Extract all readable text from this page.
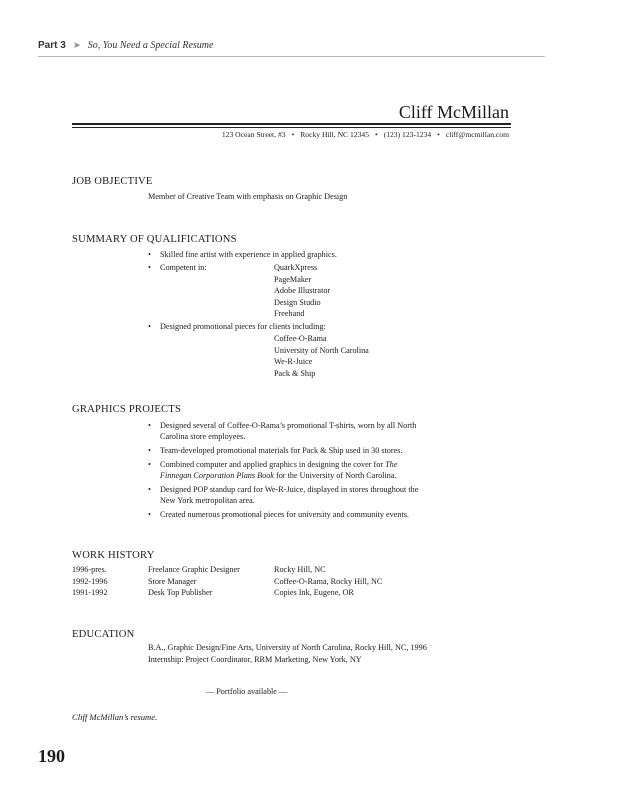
Part 3 ➤ So, You Need a Special Resume
Cliff McMillan
123 Ocean Street, #3 • Rocky Hill, NC 12345 • (123) 123-1234 • cliff@mcmillan.com
JOB OBJECTIVE
Member of Creative Team with emphasis on Graphic Design
SUMMARY OF QUALIFICATIONS
• Skilled fine artist with experience in applied graphics.
• Competent in:	QuarkXpress
PageMaker
Adobe Illustrator
Design Studio
Freehand
• Designed promotional pieces for clients including:
Coffee-O-Rama
University of North Carolina
We-R-Juice
Pack & Ship
GRAPHICS PROJECTS
• Designed several of Coffee-O-Rama’s promotional T-shirts, worn by all North
Carolina store employees.
• Team-developed promotional materials for Pack & Ship used in 30 stores.
• Combined computer and applied graphics in designing the cover for The
Finnegan Corporation Plans Book for the University of North Carolina.
• Designed POP standup card for We-R-Juice, displayed in stores throughout the
New York metropolitan area.
• Created numerous promotional pieces for university and community events.
WORK HISTORY
1996-pres.	Freelance Graphic Designer	Rocky Hill, NC
1992-1996	Store Manager	Coffee-O-Rama, Rocky Hill, NC
1991-1992	Desk Top Publisher	Copies Ink, Eugene, OR
EDUCATION
B.A., Graphic Design/Fine Arts, University of North Carolina, Rocky Hill, NC, 1996
Internship: Project Coordinator, RRM Marketing, New York, NY
— Portfolio available —
Cliff McMillan’s resume.
190
